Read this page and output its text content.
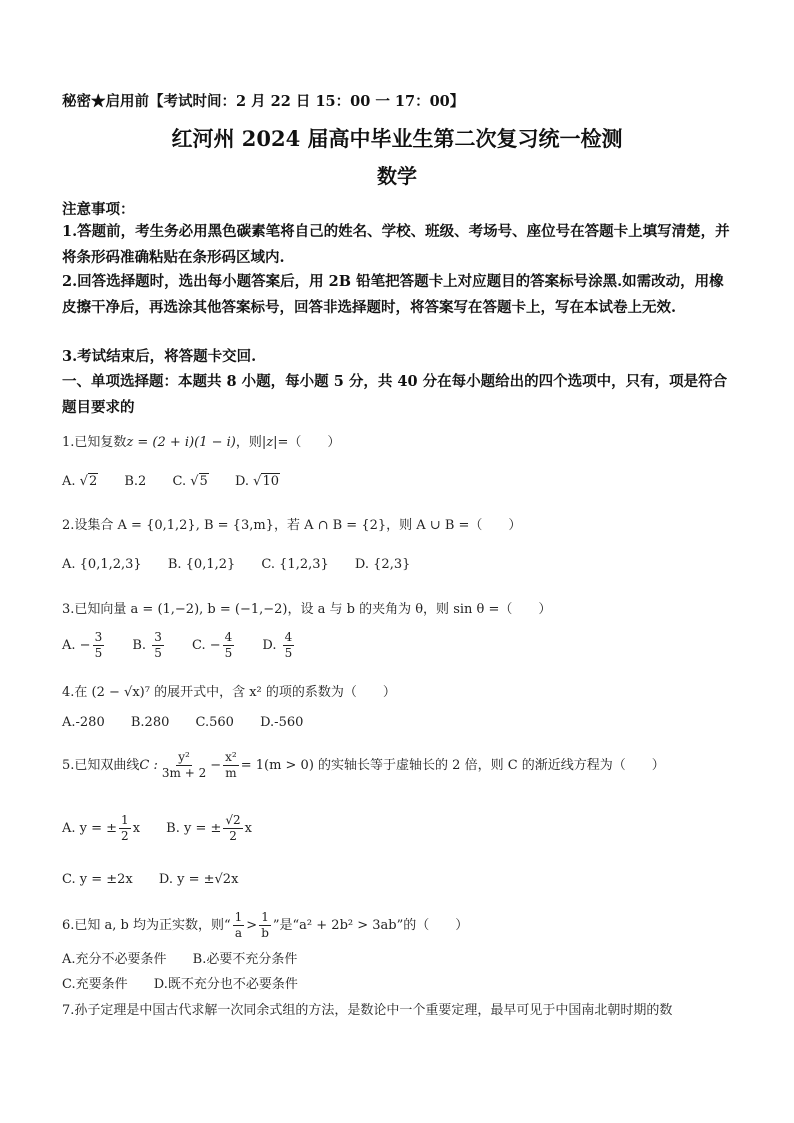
秘密★启用前【考试时间：2 月 22 日 15：00 一 17：00】
红河州 2024 届高中毕业生第二次复习统一检测
数学
注意事项：
1.答题前，考生务必用黑色碳素笔将自己的姓名、学校、班级、考场号、座位号在答题卡上填写清楚，并将条形码准确粘贴在条形码区域内.
2.回答选择题时，选出每小题答案后，用 2B 铅笔把答题卡上对应题目的答案标号涂黑.如需改动，用橡皮擦干净后，再选涂其他答案标号，回答非选择题时，将答案写在答题卡上，写在本试卷上无效.
3.考试结束后，将答题卡交回.
一、单项选择题：本题共 8 小题，每小题 5 分，共 40 分在每小题给出的四个选项中，只有，项是符合题目要求的
1.已知复数z = (2 + i)(1 − i)，则|z|=（　　）
A. √2 B.2 C. √5 D. √10
2.设集合 A = {0,1,2}, B = {3,m}，若 A ∩ B = {2}，则 A ∪ B =（　　）
A. {0,1,2,3} B. {0,1,2} C. {1,2,3} D. {2,3}
3.已知向量 a = (1,−2), b = (−1,−2)，设 a 与 b 的夹角为 θ，则 sin θ =（　　）
A. − $\frac{3}{5} B$. $\frac{3}{5} C$. − $\frac{4}{5} D$. $\frac{4}{5}$
4.在 (2 − √x)⁷ 的展开式中，含 x² 的项的系数为（　　）
A.-280 B.280 C.560 D.-560
5.已知双曲线C : $\frac{\text{y²}}{3m + 2} - \frac{\text{x²}}{m} = 1(m > 0)$ 的实轴长等于虚轴长的 2 倍，则 C 的渐近线方程为（　　）
A. y = ± $\frac{1}{2}$ x B. y = ± $\frac{√2}{2}$ x
C. y = ±2x D. y = ±√2x
6.已知 a, b 均为正实数，则“ $\frac{1}{a} > \frac{1}{b}$ ”是“a² + 2b² > 3ab”的（　　）
A.充分不必要条件 B.必要不充分条件
C.充要条件 D.既不充分也不必要条件
7.孙子定理是中国古代求解一次同余式组的方法，是数论中一个重要定理，最早可见于中国南北朝时期的数
